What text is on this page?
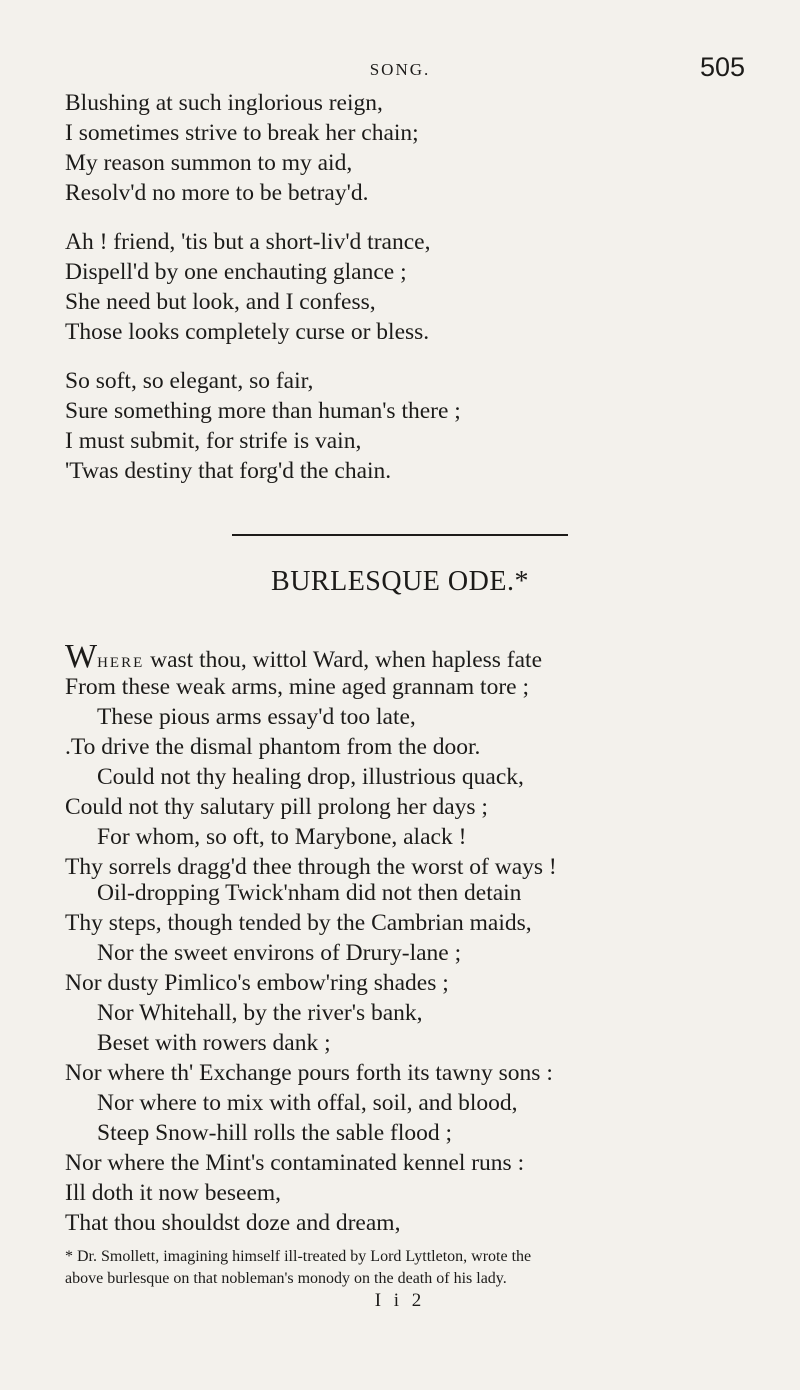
SONG.	505
Blushing at such inglorious reign,
I sometimes strive to break her chain;
My reason summon to my aid,
Resolv'd no more to be betray'd.
Ah ! friend, 'tis but a short-liv'd trance,
Dispell'd by one enchauting glance ;
She need but look, and I confess,
Those looks completely curse or bless.
So soft, so elegant, so fair,
Sure something more than human's there ;
I must submit, for strife is vain,
'Twas destiny that forg'd the chain.
BURLESQUE ODE.*
WHERE wast thou, wittol Ward, when hapless fate
From these weak arms, mine aged grannam tore ;
These pious arms essay'd too late,
.To drive the dismal phantom from the door.
Could not thy healing drop, illustrious quack,
Could not thy salutary pill prolong her days ;
For whom, so oft, to Marybone, alack !
Thy sorrels dragg'd thee through the worst of ways !
Oil-dropping Twick'nham did not then detain
Thy steps, though tended by the Cambrian maids,
Nor the sweet environs of Drury-lane ;
Nor dusty Pimlico's embow'ring shades ;
Nor Whitehall, by the river's bank,
Beset with rowers dank ;
Nor where th' Exchange pours forth its tawny sons :
Nor where to mix with offal, soil, and blood,
Steep Snow-hill rolls the sable flood ;
Nor where the Mint's contaminated kennel runs :
Ill doth it now beseem,
That thou shouldst doze and dream,
* Dr. Smollett, imagining himself ill-treated by Lord Lyttleton, wrote the
above burlesque on that nobleman's monody on the death of his lady.
I i 2
